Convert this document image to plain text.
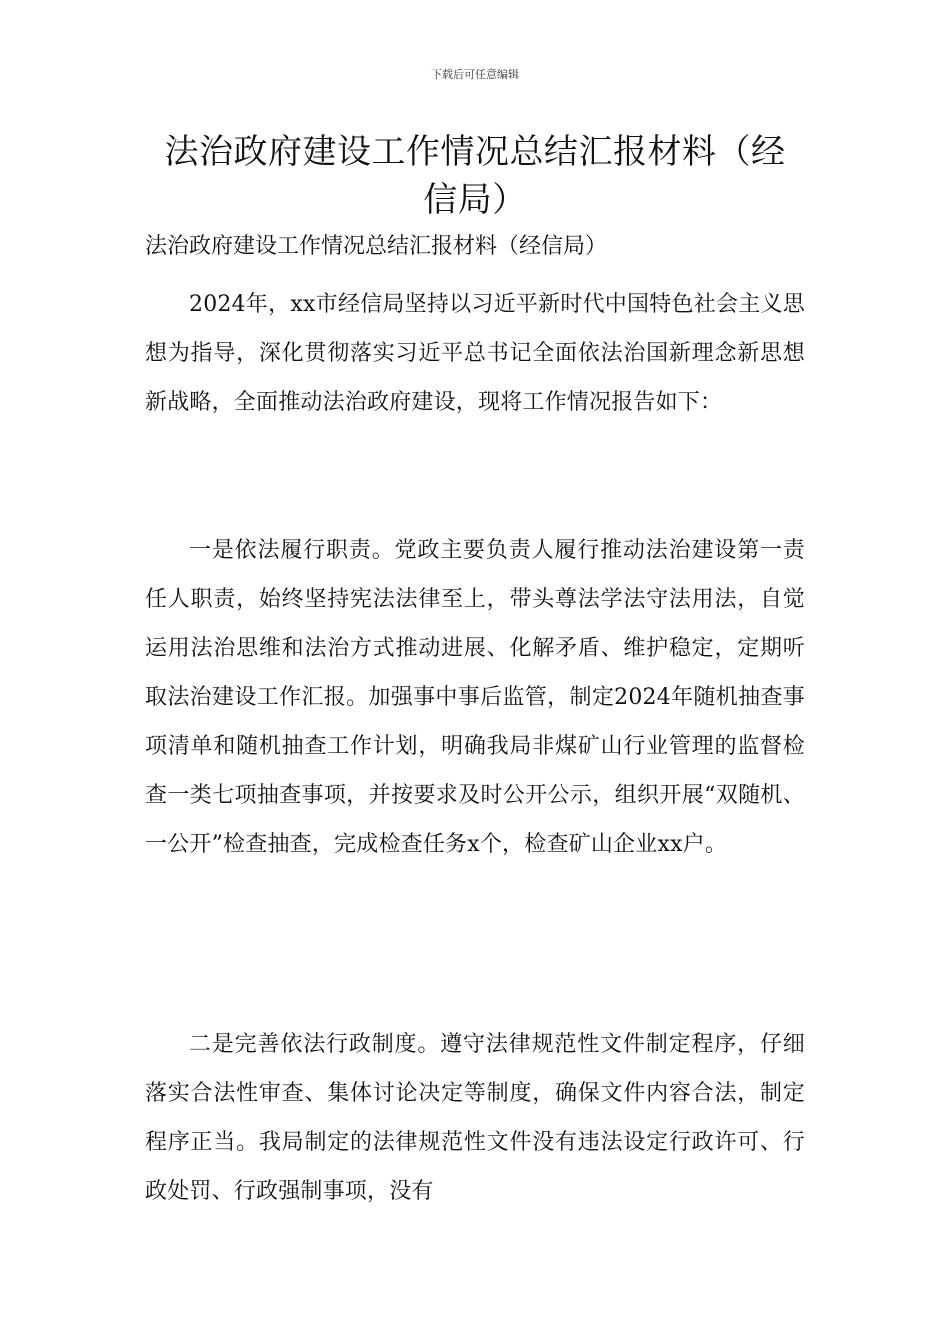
下载后可任意编辑
法治政府建设工作情况总结汇报材料（经信局）

法治政府建设工作情况总结汇报材料（经信局）

2024年，xx市经信局坚持以习近平新时代中国特色社会主义思想为指导，深化贯彻落实习近平总书记全面依法治国新理念新思想新战略，全面推动法治政府建设，现将工作情况报告如下：

一是依法履行职责。党政主要负责人履行推动法治建设第一责任人职责，始终坚持宪法法律至上，带头尊法学法守法用法，自觉运用法治思维和法治方式推动进展、化解矛盾、维护稳定，定期听取法治建设工作汇报。加强事中事后监管，制定2024年随机抽查事项清单和随机抽查工作计划，明确我局非煤矿山行业管理的监督检查一类七项抽查事项，并按要求及时公开公示，组织开展“双随机、一公开”检查抽查，完成检查任务x个，检查矿山企业xx户。

二是完善依法行政制度。遵守法律规范性文件制定程序，仔细落实合法性审查、集体讨论决定等制度，确保文件内容合法，制定程序正当。我局制定的法律规范性文件没有违法设定行政许可、行政处罚、行政强制事项，没有
